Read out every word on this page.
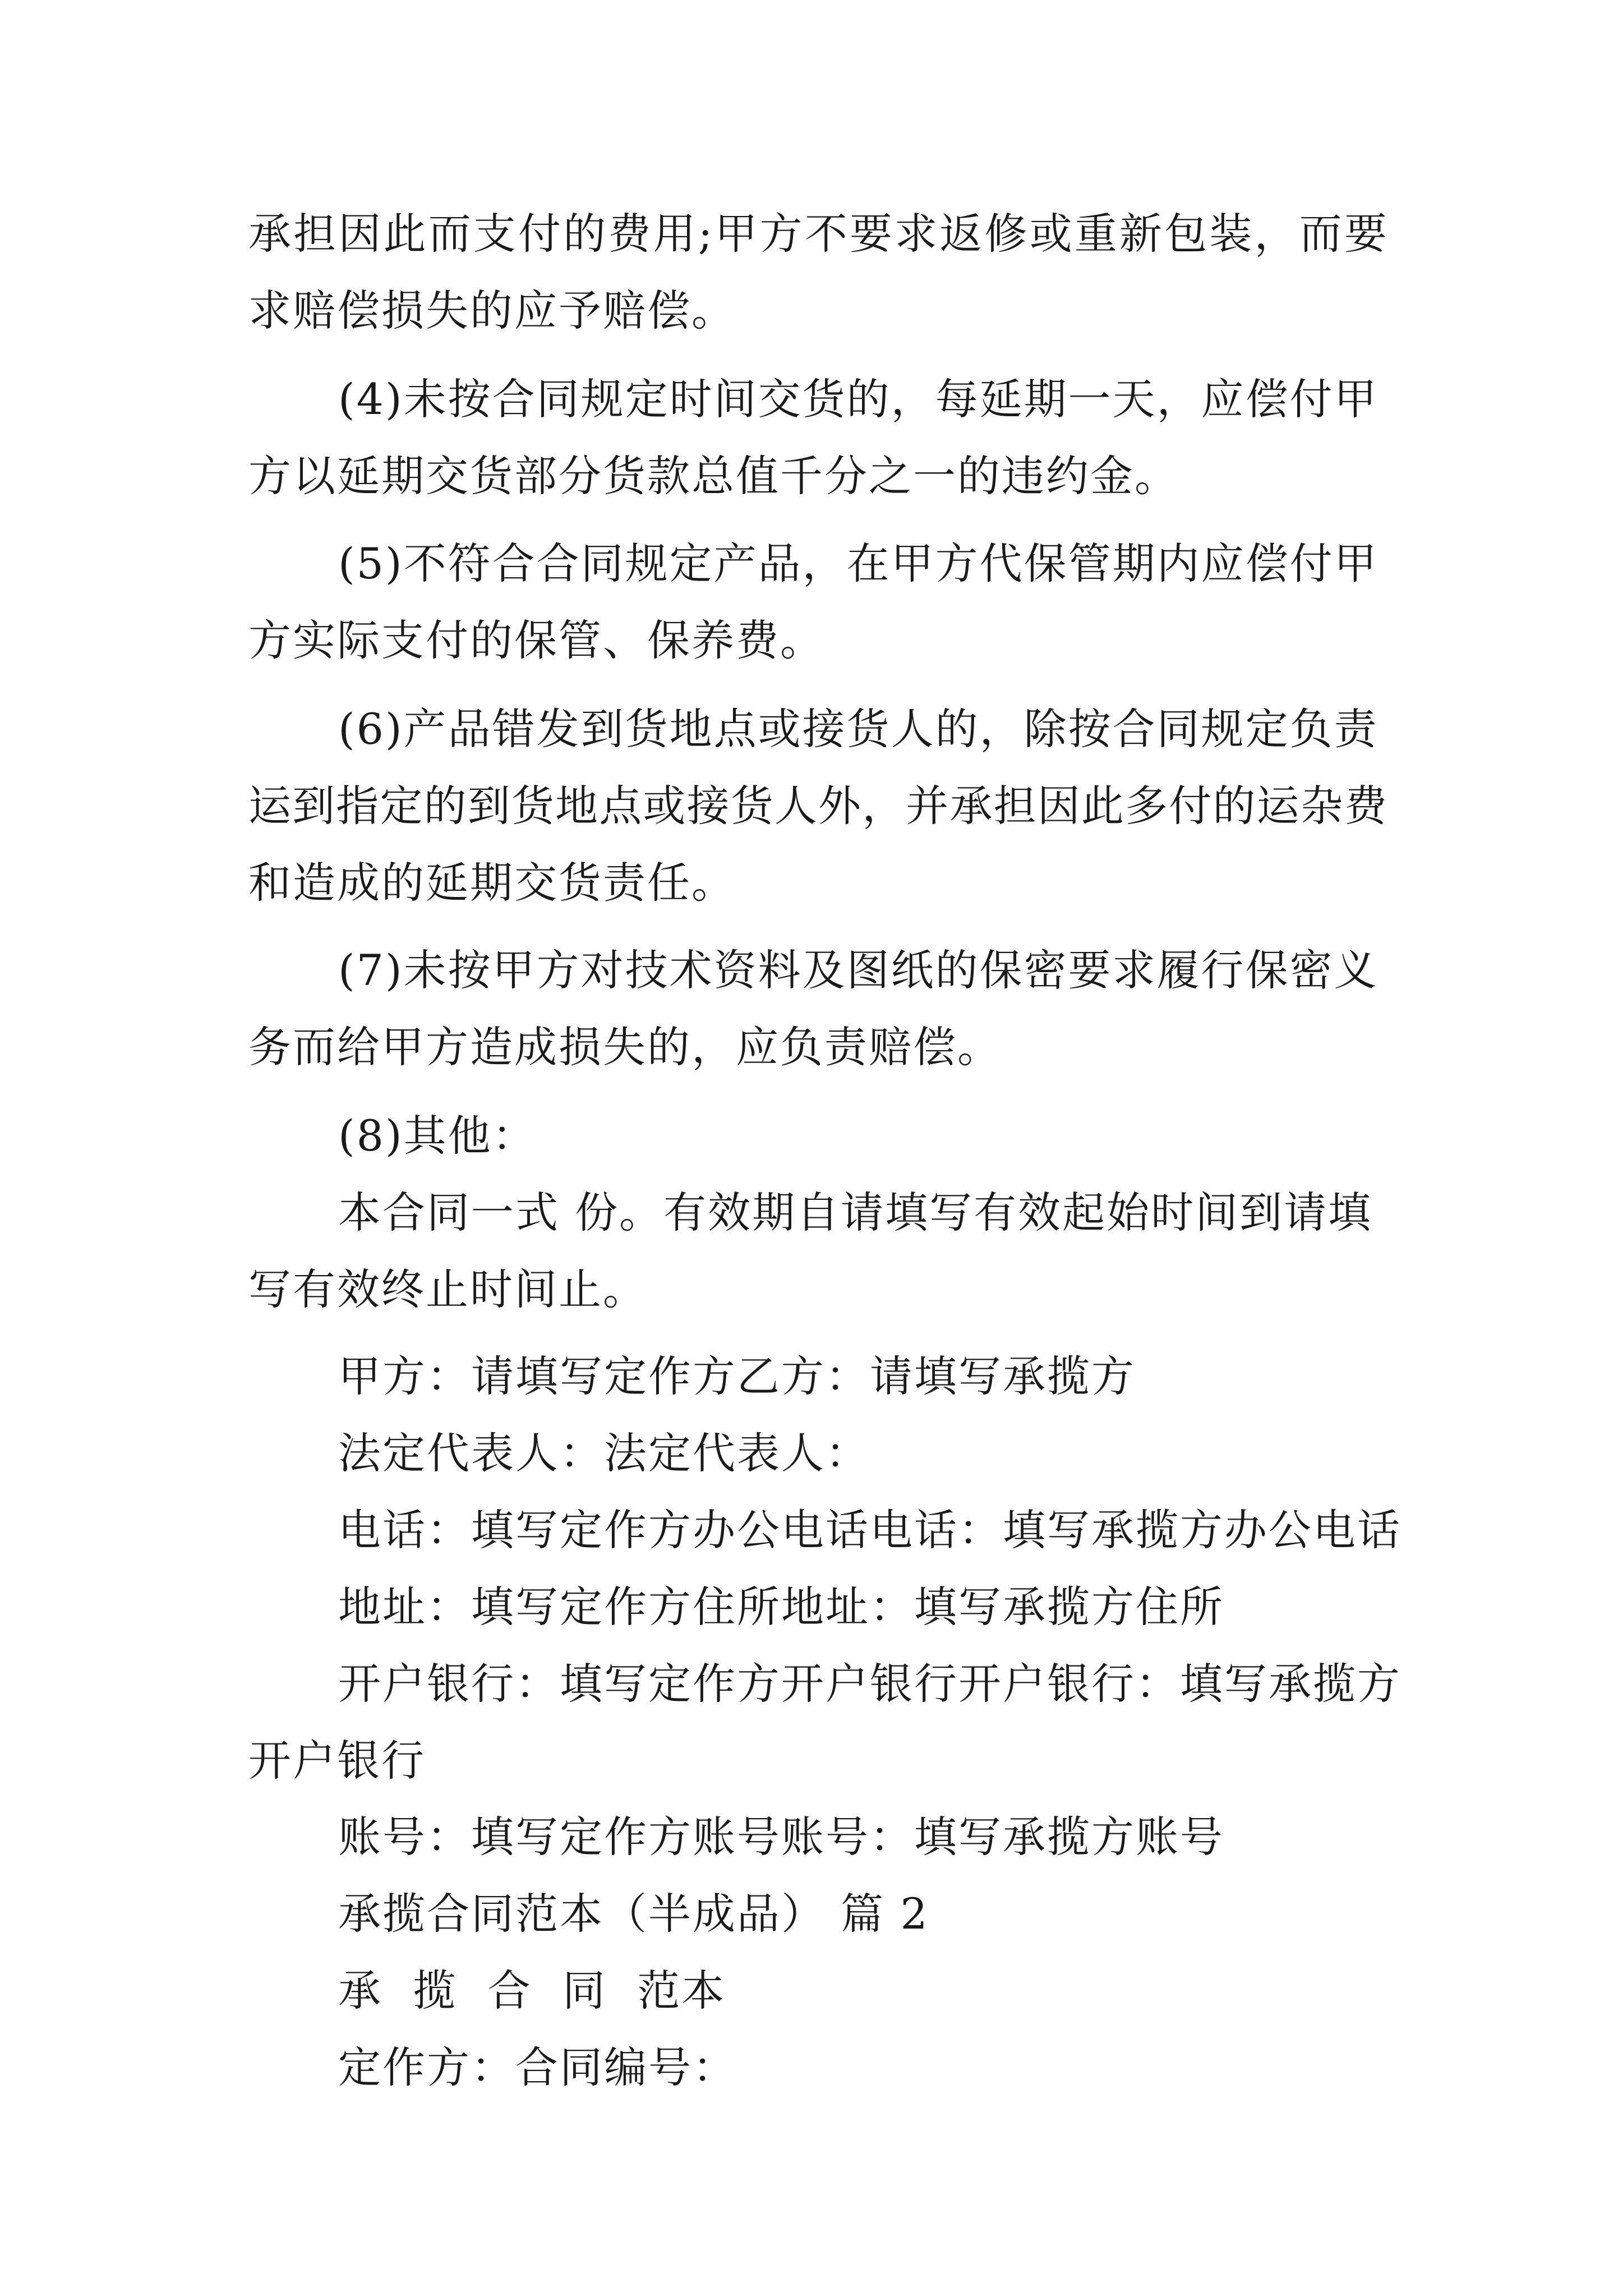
承 担 因 此 而 支 付 的 费 用 ; 甲 方 不 要 求 返 修 或 重 新 包 装 ， 而 要
求赔偿损失的应予赔偿。
(4)未按合同规定时间交货的，每延期一天，应偿付甲
方以延期交货部分货款总值千分之一的违约金。
(5)不符合合同规定产品，在甲方代保管期内应偿付甲
方实际支付的保管、保养费。
(6)产品错发到货地点或接货人的，除按合同规定负责
运 到 指 定 的 到 货 地 点 或 接 货 人 外 ， 并 承 担 因 此 多 付 的 运 杂 费
和造成的延期交货责任。
(7)未按甲方对技术资料及图纸的保密要求履行保密义
务而给甲方造成损失的，应负责赔偿。
(8)其他：
本合同一式 份。有效期自请填写有效起始时间到请填
写有效终止时间止。
甲方：请填写定作方乙方：请填写承揽方
法定代表人：法定代表人：
电话：填写定作方办公电话电话：填写承揽方办公电话
地址：填写定作方住所地址：填写承揽方住所
开户银行：填写定作方开户银行开户银行：填写承揽方
开户银行
账号：填写定作方账号账号：填写承揽方账号
承揽合同范本（半成品） 篇 2
承  揽  合  同  范本
定作方：合同编号：
